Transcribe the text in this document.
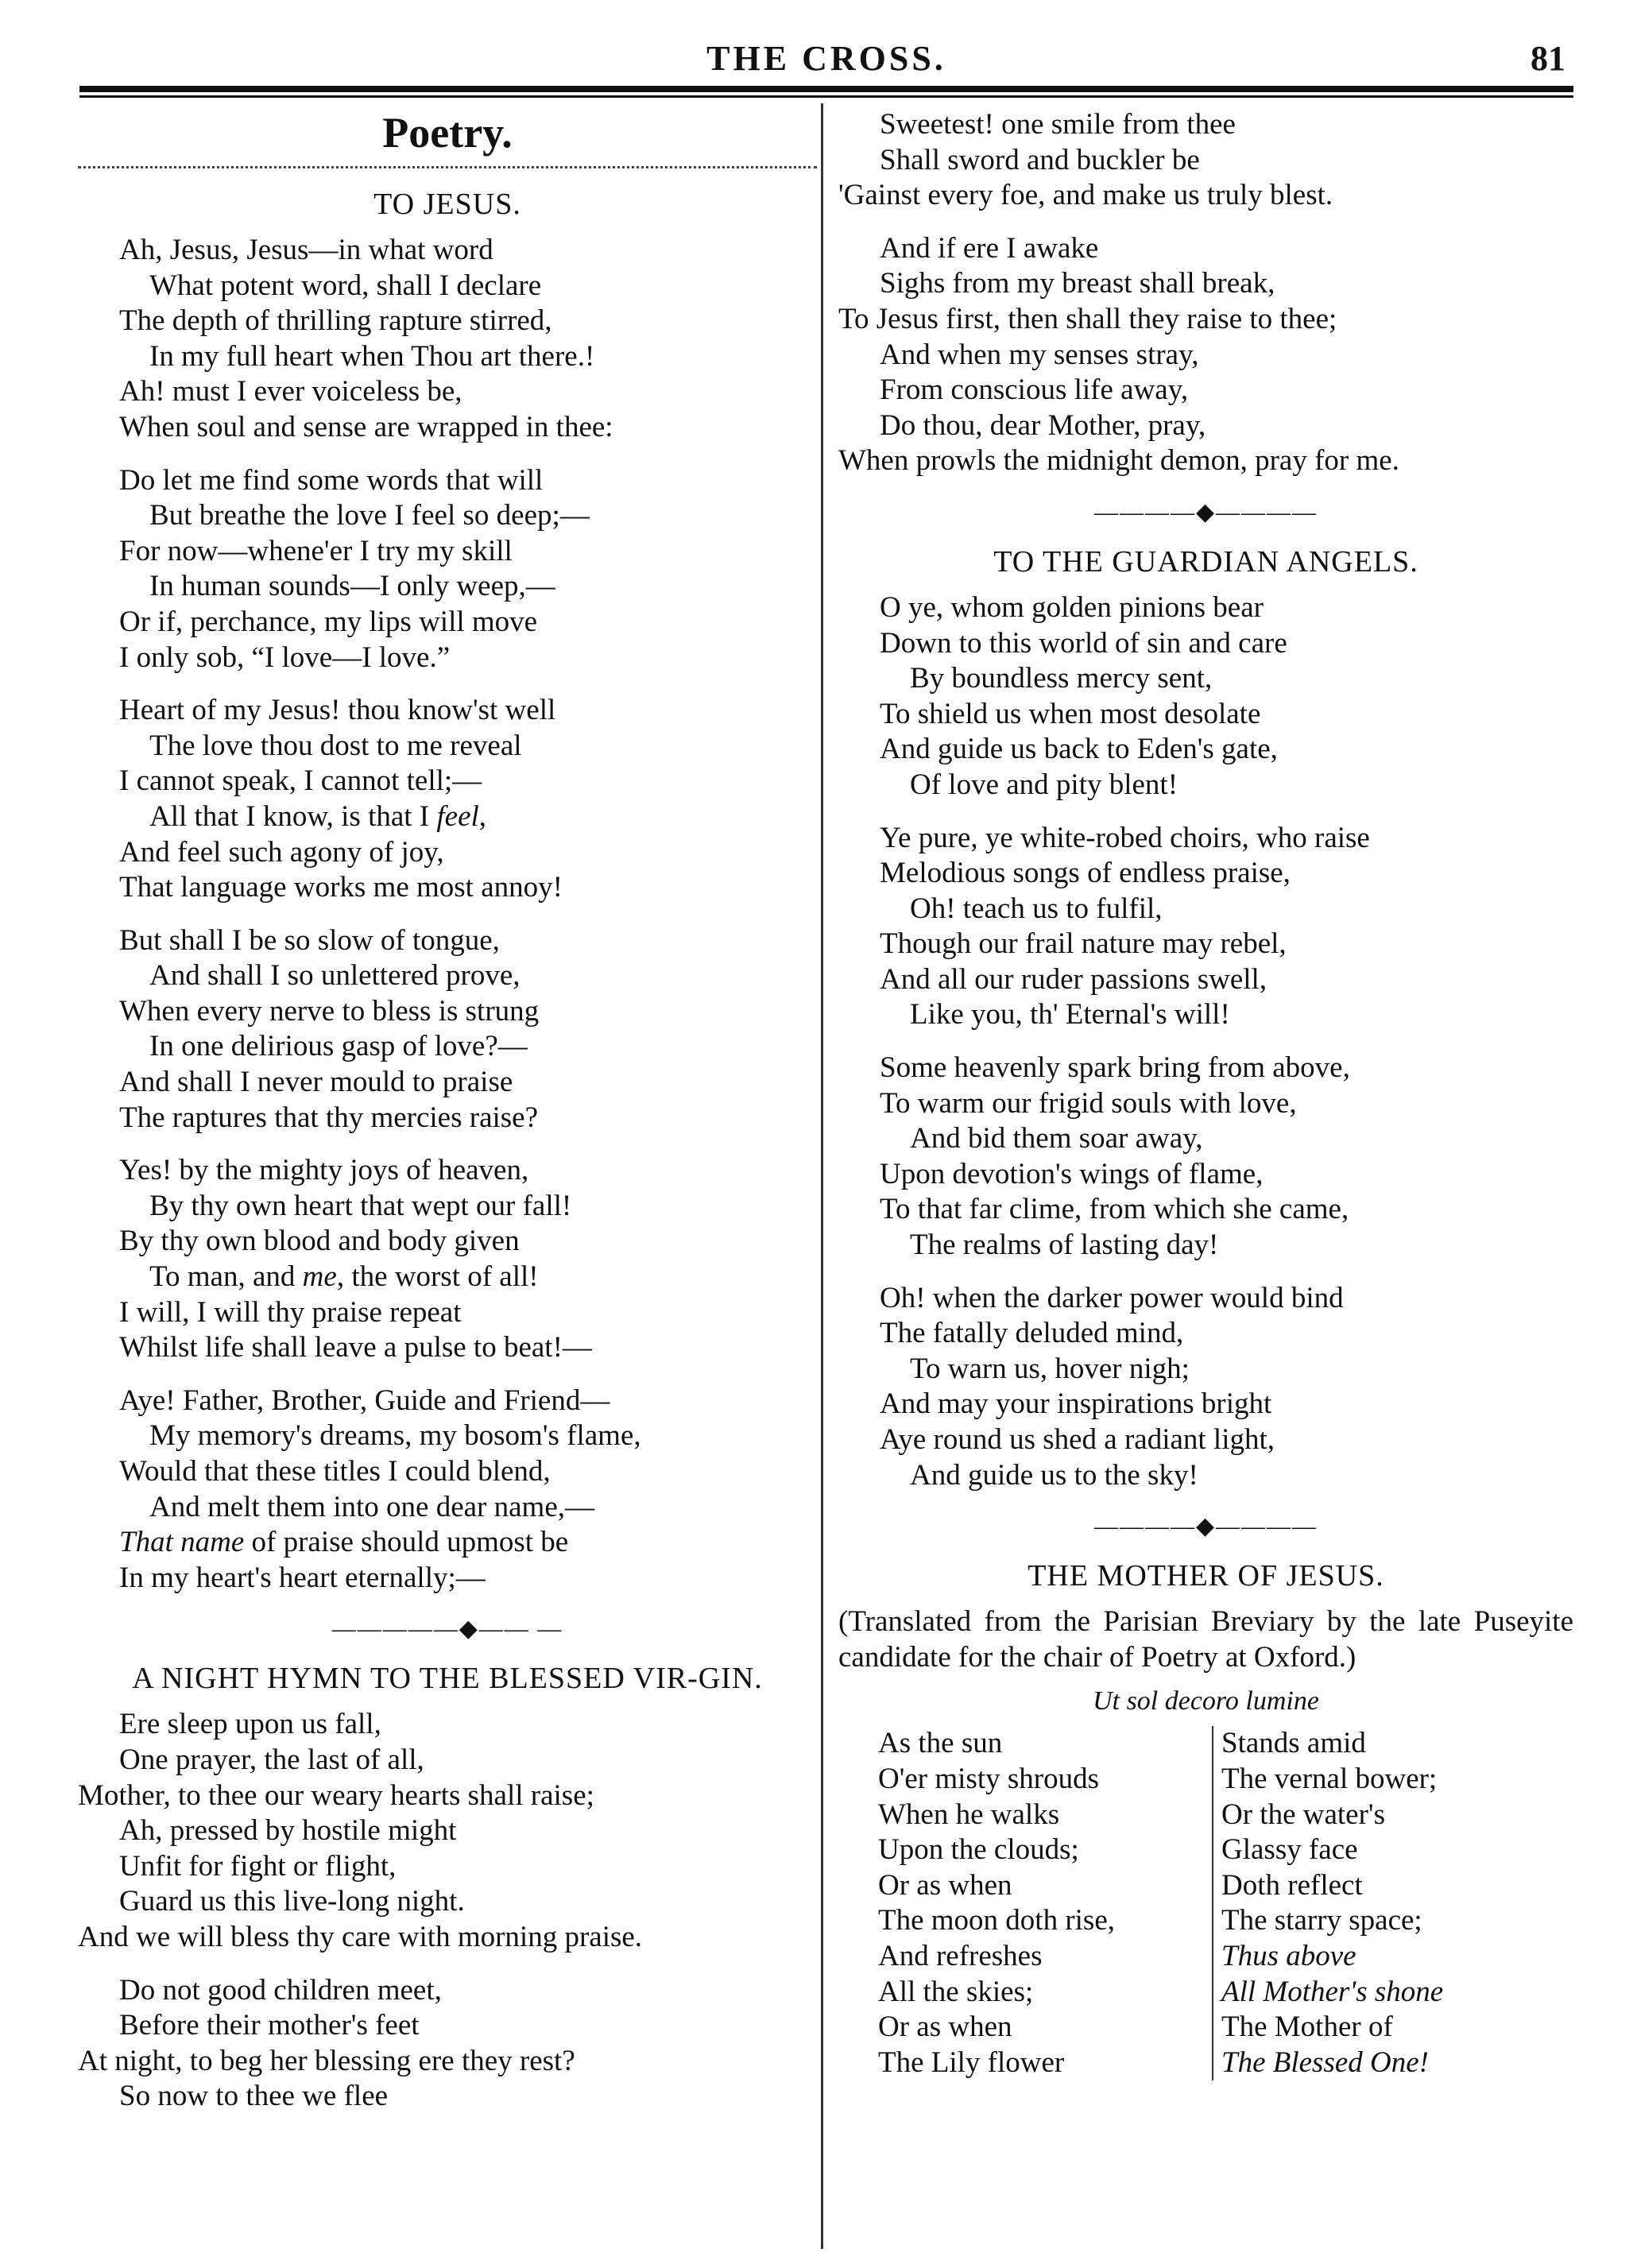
THE CROSS.	81
Poetry.
TO JESUS.
Ah, Jesus, Jesus—in what word
What potent word, shall I declare
The depth of thrilling rapture stirred,
In my full heart when Thou art there.!
Ah! must I ever voiceless be,
When soul and sense are wrapped in thee:
Do let me find some words that will
But breathe the love I feel so deep;—
For now—whene'er I try my skill
In human sounds—I only weep,—
Or if, perchance, my lips will move
I only sob, “I love—I love.”
Heart of my Jesus! thou know'st well
The love thou dost to me reveal
I cannot speak, I cannot tell;—
All that I know, is that I feel,
And feel such agony of joy,
That language works me most annoy!
But shall I be so slow of tongue,
And shall I so unlettered prove,
When every nerve to bless is strung
In one delirious gasp of love?—
And shall I never mould to praise
The raptures that thy mercies raise?
Yes! by the mighty joys of heaven,
By thy own heart that wept our fall!
By thy own blood and body given
To man, and me, the worst of all!
I will, I will thy praise repeat
Whilst life shall leave a pulse to beat!—
Aye! Father, Brother, Guide and Friend—
My memory's dreams, my bosom's flame,
Would that these titles I could blend,
And melt them into one dear name,—
That name of praise should upmost be
In my heart's heart eternally;—
—————◆—— —
A NIGHT HYMN TO THE BLESSED VIR-GIN.
Ere sleep upon us fall,
One prayer, the last of all,
Mother, to thee our weary hearts shall raise;
Ah, pressed by hostile might
Unfit for fight or flight,
Guard us this live-long night.
And we will bless thy care with morning praise.
Do not good children meet,
Before their mother's feet
At night, to beg her blessing ere they rest?
So now to thee we flee
Sweetest! one smile from thee
Shall sword and buckler be
'Gainst every foe, and make us truly blest.
And if ere I awake
Sighs from my breast shall break,
To Jesus first, then shall they raise to thee;
And when my senses stray,
From conscious life away,
Do thou, dear Mother, pray,
When prowls the midnight demon, pray for me.
————◆————
TO THE GUARDIAN ANGELS.
O ye, whom golden pinions bear
Down to this world of sin and care
By boundless mercy sent,
To shield us when most desolate
And guide us back to Eden's gate,
Of love and pity blent!
Ye pure, ye white-robed choirs, who raise
Melodious songs of endless praise,
Oh! teach us to fulfil,
Though our frail nature may rebel,
And all our ruder passions swell,
Like you, th' Eternal's will!
Some heavenly spark bring from above,
To warm our frigid souls with love,
And bid them soar away,
Upon devotion's wings of flame,
To that far clime, from which she came,
The realms of lasting day!
Oh! when the darker power would bind
The fatally deluded mind,
To warn us, hover nigh;
And may your inspirations bright
Aye round us shed a radiant light,
And guide us to the sky!
————◆————
THE MOTHER OF JESUS.
(Translated from the Parisian Breviary by the late Puseyite candidate for the chair of Poetry at Oxford.)
Ut sol decoro lumine
As the sun
O'er misty shrouds
When he walks
Upon the clouds;
Or as when
The moon doth rise,
And refreshes
All the skies;
Or as when
The Lily flower
Stands amid
The vernal bower;
Or the water's
Glassy face
Doth reflect
The starry space;
Thus above
All Mother's shone
The Mother of
The Blessed One!
